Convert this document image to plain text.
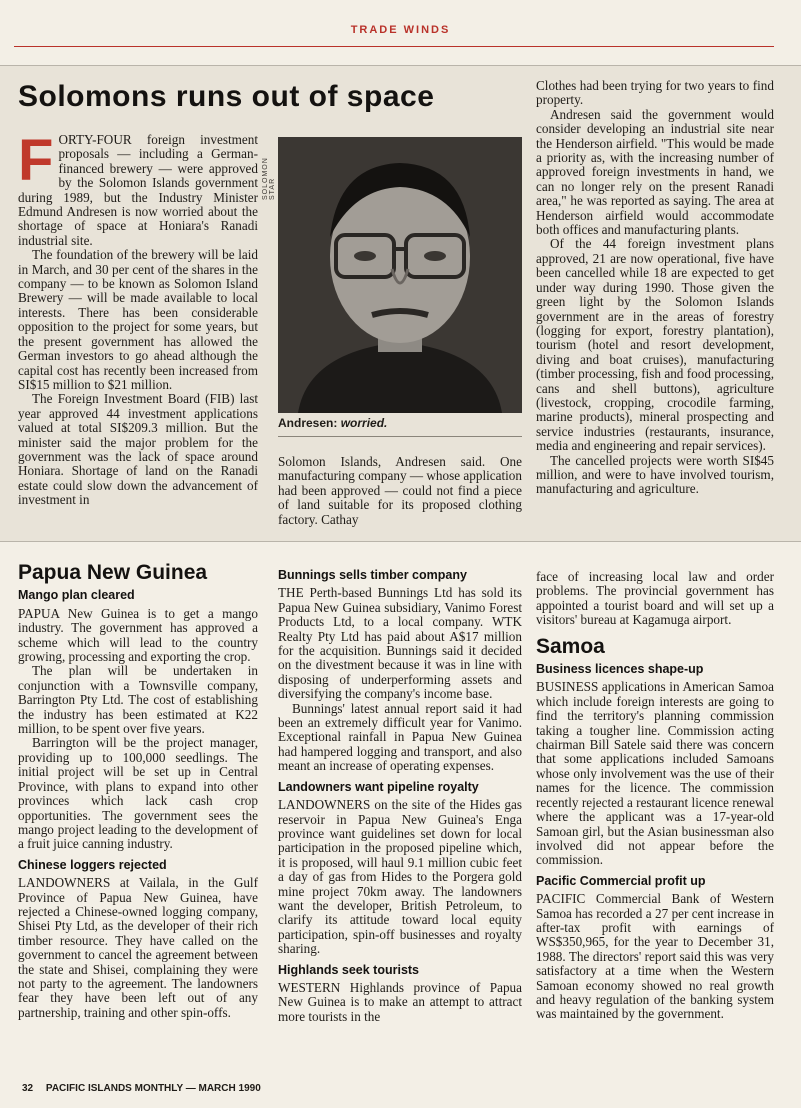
TRADE WINDS
Solomons runs out of space
F ORTY-FOUR foreign investment proposals — including a German-financed brewery — were approved by the Solomon Islands government during 1989, but the Industry Minister Edmund Andresen is now worried about the shortage of space at Honiara's Ranadi industrial site.

The foundation of the brewery will be laid in March, and 30 per cent of the shares in the company — to be known as Solomon Island Brewery — will be made available to local interests. There has been considerable opposition to the project for some years, but the present government has allowed the German investors to go ahead although the capital cost has recently been increased from SI$15 million to $21 million.

The Foreign Investment Board (FIB) last year approved 44 investment applications valued at total SI$209.3 million. But the minister said the major problem for the government was the lack of space around Honiara. Shortage of land on the Ranadi estate could slow down the advancement of investment in

SOLOMON STAR
Andresen: worried.

Solomon Islands, Andresen said. One manufacturing company — whose application had been approved — could not find a piece of land suitable for its proposed clothing factory. Cathay

Clothes had been trying for two years to find property.

Andresen said the government would consider developing an industrial site near the Henderson airfield. "This would be made a priority as, with the increasing number of approved foreign investments in hand, we can no longer rely on the present Ranadi area," he was reported as saying. The area at Henderson airfield would accommodate both offices and manufacturing plants.

Of the 44 foreign investment plans approved, 21 are now operational, five have been cancelled while 18 are expected to get under way during 1990. Those given the green light by the Solomon Islands government are in the areas of forestry (logging for export, forestry plantation), tourism (hotel and resort development, diving and boat cruises), manufacturing (timber processing, fish and food processing, cans and shell buttons), agriculture (livestock, cropping, crocodile farming, marine products), mineral prospecting and service industries (restaurants, insurance, media and engineering and repair services).

The cancelled projects were worth SI$45 million, and were to have involved tourism, manufacturing and agriculture.

Papua New Guinea
Mango plan cleared

PAPUA New Guinea is to get a mango industry. The government has approved a scheme which will lead to the country growing, processing and exporting the crop.

The plan will be undertaken in conjunction with a Townsville company, Barrington Pty Ltd. The cost of establishing the industry has been estimated at K22 million, to be spent over five years.

Barrington will be the project manager, providing up to 100,000 seedlings. The initial project will be set up in Central Province, with plans to expand into other provinces which lack cash crop opportunities. The government sees the mango project leading to the development of a fruit juice canning industry.

Chinese loggers rejected

LANDOWNERS at Vailala, in the Gulf Province of Papua New Guinea, have rejected a Chinese-owned logging company, Shisei Pty Ltd, as the developer of their rich timber resource. They have called on the government to cancel the agreement between the state and Shisei, complaining they were not party to the agreement. The landowners fear they have been left out of any partnership, training and other spin-offs.

Bunnings sells timber company

THE Perth-based Bunnings Ltd has sold its Papua New Guinea subsidiary, Vanimo Forest Products Ltd, to a local company. WTK Realty Pty Ltd has paid about A$17 million for the acquisition. Bunnings said it decided on the divestment because it was in line with disposing of underperforming assets and diversifying the company's income base.

Bunnings' latest annual report said it had been an extremely difficult year for Vanimo. Exceptional rainfall in Papua New Guinea had hampered logging and transport, and also meant an increase of operating expenses.

Landowners want pipeline royalty

LANDOWNERS on the site of the Hides gas reservoir in Papua New Guinea's Enga province want guidelines set down for local participation in the proposed pipeline which, it is proposed, will haul 9.1 million cubic feet a day of gas from Hides to the Porgera gold mine project 70km away. The landowners want the developer, British Petroleum, to clarify its attitude toward local equity participation, spin-off businesses and royalty sharing.

Highlands seek tourists

WESTERN Highlands province of Papua New Guinea is to make an attempt to attract more tourists in the

face of increasing local law and order problems. The provincial government has appointed a tourist board and will set up a visitors' bureau at Kagamuga airport.

Samoa
Business licences shape-up

BUSINESS applications in American Samoa which include foreign interests are going to find the territory's planning commission taking a tougher line. Commission acting chairman Bill Satele said there was concern that some applications included Samoans whose only involvement was the use of their names for the licence. The commission recently rejected a restaurant licence renewal where the applicant was a 17-year-old Samoan girl, but the Asian businessman also involved did not appear before the commission.

Pacific Commercial profit up

PACIFIC Commercial Bank of Western Samoa has recorded a 27 per cent increase in after-tax profit with earnings of WS$350,965, for the year to December 31, 1988. The directors' report said this was very satisfactory at a time when the Western Samoan economy showed no real growth and heavy regulation of the banking system was maintained by the government.

32 PACIFIC ISLANDS MONTHLY — MARCH 1990
